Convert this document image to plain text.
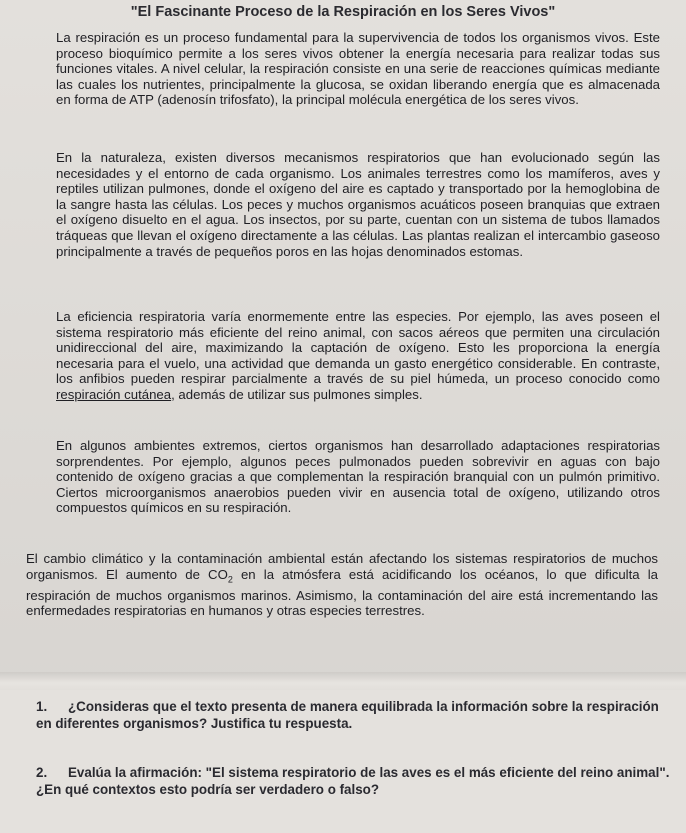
"El Fascinante Proceso de la Respiración en los Seres Vivos"

La respiración es un proceso fundamental para la supervivencia de todos los organismos vivos. Este proceso bioquímico permite a los seres vivos obtener la energía necesaria para realizar todas sus funciones vitales. A nivel celular, la respiración consiste en una serie de reacciones químicas mediante las cuales los nutrientes, principalmente la glucosa, se oxidan liberando energía que es almacenada en forma de ATP (adenosín trifosfato), la principal molécula energética de los seres vivos.

En la naturaleza, existen diversos mecanismos respiratorios que han evolucionado según las necesidades y el entorno de cada organismo. Los animales terrestres como los mamíferos, aves y reptiles utilizan pulmones, donde el oxígeno del aire es captado y transportado por la hemoglobina de la sangre hasta las células. Los peces y muchos organismos acuáticos poseen branquias que extraen el oxígeno disuelto en el agua. Los insectos, por su parte, cuentan con un sistema de tubos llamados tráqueas que llevan el oxígeno directamente a las células. Las plantas realizan el intercambio gaseoso principalmente a través de pequeños poros en las hojas denominados estomas.

La eficiencia respiratoria varía enormemente entre las especies. Por ejemplo, las aves poseen el sistema respiratorio más eficiente del reino animal, con sacos aéreos que permiten una circulación unidireccional del aire, maximizando la captación de oxígeno. Esto les proporciona la energía necesaria para el vuelo, una actividad que demanda un gasto energético considerable. En contraste, los anfibios pueden respirar parcialmente a través de su piel húmeda, un proceso conocido como respiración cutánea, además de utilizar sus pulmones simples.

En algunos ambientes extremos, ciertos organismos han desarrollado adaptaciones respiratorias sorprendentes. Por ejemplo, algunos peces pulmonados pueden sobrevivir en aguas con bajo contenido de oxígeno gracias a que complementan la respiración branquial con un pulmón primitivo. Ciertos microorganismos anaerobios pueden vivir en ausencia total de oxígeno, utilizando otros compuestos químicos en su respiración.

El cambio climático y la contaminación ambiental están afectando los sistemas respiratorios de muchos organismos. El aumento de $CO_2$ en la atmósfera está acidificando los océanos, lo que dificulta la respiración de muchos organismos marinos. Asimismo, la contaminación del aire está incrementando las enfermedades respiratorias en humanos y otras especies terrestres.

1. ¿Consideras que el texto presenta de manera equilibrada la información sobre la respiración en diferentes organismos? Justifica tu respuesta.

2. Evalúa la afirmación: "El sistema respiratorio de las aves es el más eficiente del reino animal". ¿En qué contextos esto podría ser verdadero o falso?
